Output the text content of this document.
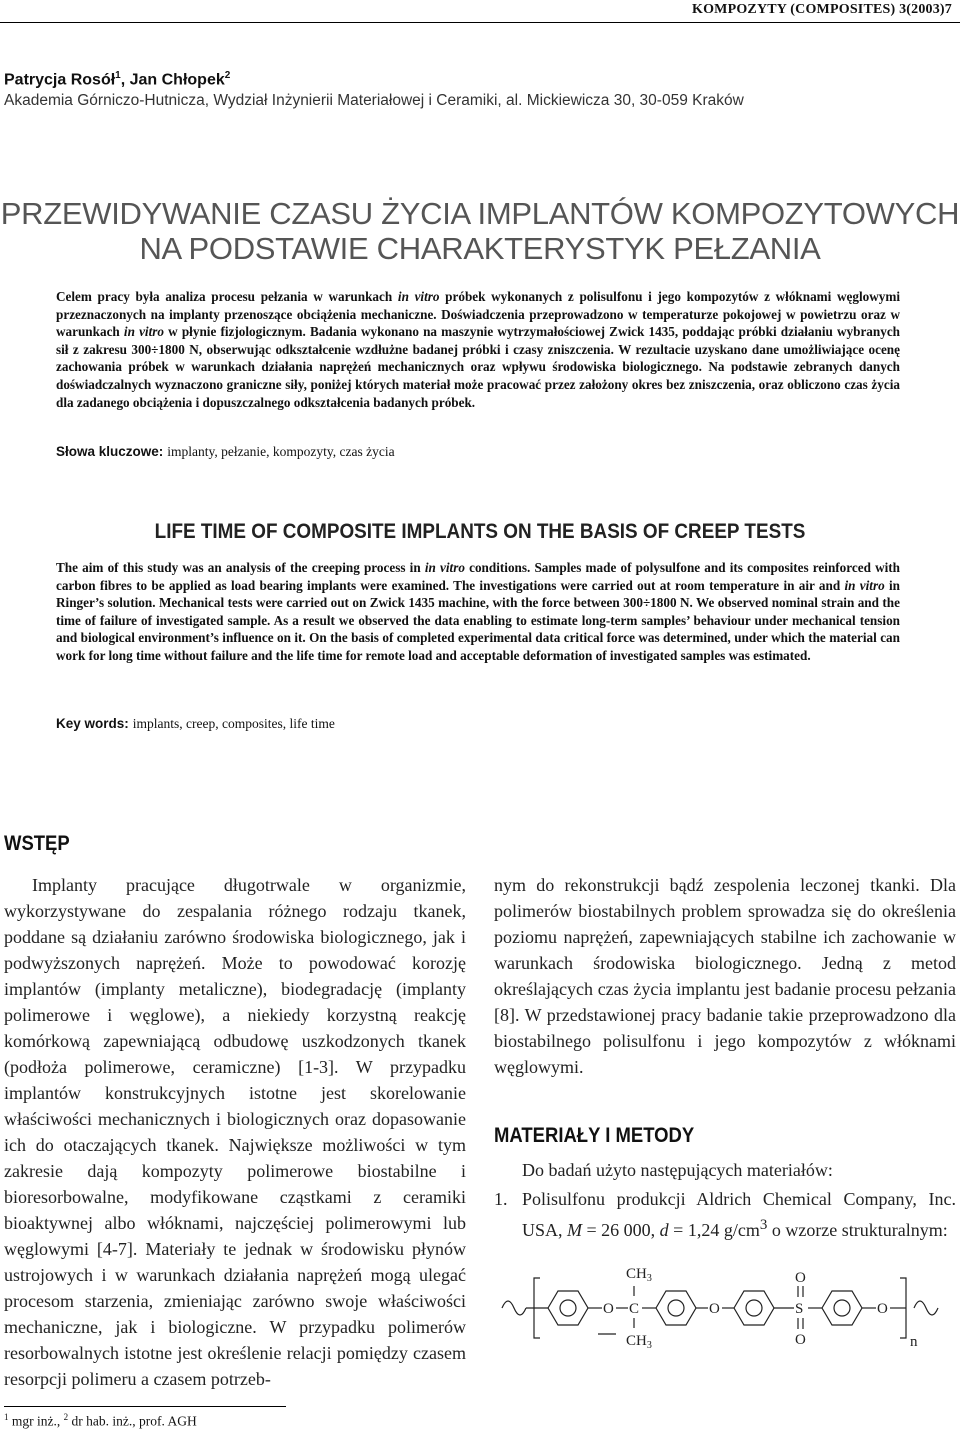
KOMPOZYTY (COMPOSITES) 3(2003)7
Patrycja Rosół$^1$, Jan Chłopek$^2$
Akademia Górniczo-Hutnicza, Wydział Inżynierii Materiałowej i Ceramiki, al. Mickiewicza 30, 30-059 Kraków
PRZEWIDYWANIE CZASU ŻYCIA IMPLANTÓW KOMPOZYTOWYCH
NA PODSTAWIE CHARAKTERYSTYK PEŁZANIA
Celem pracy była analiza procesu pełzania w warunkach in vitro próbek wykonanych z polisulfonu i jego kompozytów z włóknami węglowymi przeznaczonych na implanty przenoszące obciążenia mechaniczne. Doświadczenia przeprowadzono w temperaturze pokojowej w powietrzu oraz w warunkach in vitro w płynie fizjologicznym. Badania wykonano na maszynie wytrzymałościowej Zwick 1435, poddając próbki działaniu wybranych sił z zakresu 300÷1800 N, obserwując odkształcenie wzdłużne badanej próbki i czasy zniszczenia. W rezultacie uzyskano dane umożliwiające ocenę zachowania próbek w warunkach działania naprężeń mechanicznych oraz wpływu środowiska biologicznego. Na podstawie zebranych danych doświadczalnych wyznaczono graniczne siły, poniżej których materiał może pracować przez założony okres bez zniszczenia, oraz obliczono czas życia dla zadanego obciążenia i dopuszczalnego odkształcenia badanych próbek.
Słowa kluczowe: implanty, pełzanie, kompozyty, czas życia
LIFE TIME OF COMPOSITE IMPLANTS ON THE BASIS OF CREEP TESTS
The aim of this study was an analysis of the creeping process in in vitro conditions. Samples made of polysulfone and its composites reinforced with carbon fibres to be applied as load bearing implants were examined. The investigations were carried out at room temperature in air and in vitro in Ringer’s solution. Mechanical tests were carried out on Zwick 1435 machine, with the force between 300÷1800 N. We observed nominal strain and the time of failure of investigated sample. As a result we observed the data enabling to estimate long-term samples’ behaviour under mechanical tension and biological environment’s influence on it. On the basis of completed experimental data critical force was determined, under which the material can work for long time without failure and the life time for remote load and acceptable deformation of investigated samples was estimated.
Key words: implants, creep, composites, life time
WSTĘP
Implanty pracujące długotrwale w organizmie, wykorzystywane do zespalania różnego rodzaju tkanek, poddane są działaniu zarówno środowiska biologicznego, jak i podwyższonych naprężeń. Może to powodować korozję implantów (implanty metaliczne), biodegradację (implanty polimerowe i węglowe), a niekiedy korzystną reakcję komórkową zapewniającą odbudowę uszkodzonych tkanek (podłoża polimerowe, ceramiczne) [1-3]. W przypadku implantów konstrukcyjnych istotne jest skorelowanie właściwości mechanicznych i biologicznych oraz dopasowanie ich do otaczających tkanek. Największe możliwości w tym zakresie dają kompozyty polimerowe biostabilne i bioresorbowalne, modyfikowane cząstkami z ceramiki bioaktywnej albo włóknami, najczęściej polimerowymi lub węglowymi [4-7]. Materiały te jednak w środowisku płynów ustrojowych i w warunkach działania naprężeń mogą ulegać procesom starzenia, zmieniając zarówno swoje właściwości mechaniczne, jak i biologiczne. W przypadku polimerów resorbowalnych istotne jest określenie relacji pomiędzy czasem resorpcji polimeru a czasem potrzeb-
nym do rekonstrukcji bądź zespolenia leczonej tkanki. Dla polimerów biostabilnych problem sprowadza się do określenia poziomu naprężeń, zapewniających stabilne ich zachowanie w warunkach środowiska biologicznego. Jedną z metod określających czas życia implantu jest badanie procesu pełzania [8]. W przedstawionej pracy badanie takie przeprowadzono dla biostabilnego polisulfonu i jego kompozytów z włóknami węglowymi.
MATERIAŁY I METODY
Do badań użyto następujących materiałów:
1. Polisulfonu produkcji Aldrich Chemical Company, Inc. USA, M = 26 000, d = 1,24 $g/cm^3$ o wzorze strukturalnym:
O C
$CH_3$
$CH_3$
O	S
O
O
O
n
$^1$ mgr inż., $^2$ dr hab. inż., prof. AGH
